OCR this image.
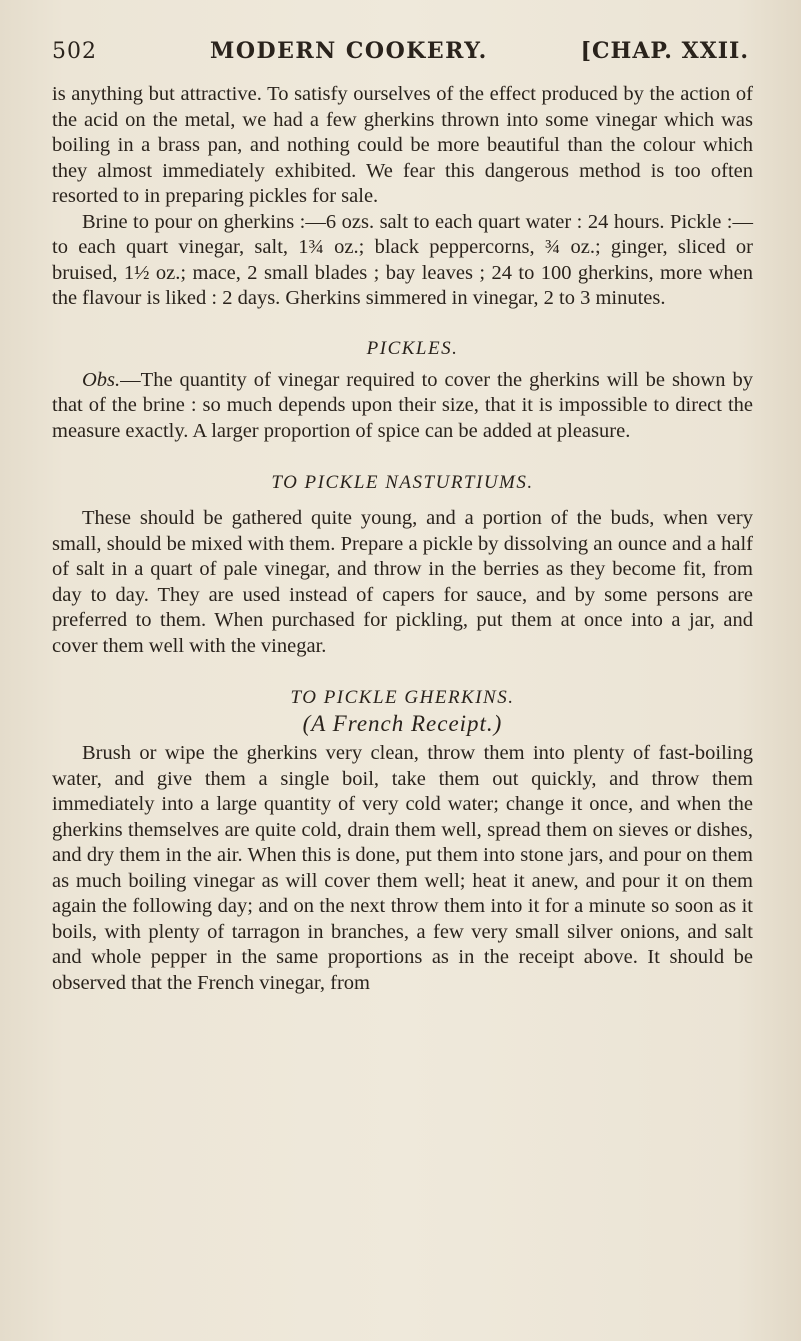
502	MODERN COOKERY.	[CHAP. XXII.

is anything but attractive. To satisfy ourselves of the effect produced by the action of the acid on the metal, we had a few gherkins thrown into some vinegar which was boiling in a brass pan, and nothing could be more beautiful than the colour which they almost immediately exhibited. We fear this dangerous method is too often resorted to in preparing pickles for sale.

Brine to pour on gherkins :—6 ozs. salt to each quart water : 24 hours. Pickle :—to each quart vinegar, salt, 1¾ oz.; black peppercorns, ¾ oz.; ginger, sliced or bruised, 1½ oz.; mace, 2 small blades ; bay leaves ; 24 to 100 gherkins, more when the flavour is liked : 2 days. Gherkins simmered in vinegar, 2 to 3 minutes.

PICKLES.

Obs.—The quantity of vinegar required to cover the gherkins will be shown by that of the brine : so much depends upon their size, that it is impossible to direct the measure exactly. A larger proportion of spice can be added at pleasure.

TO PICKLE NASTURTIUMS.

These should be gathered quite young, and a portion of the buds, when very small, should be mixed with them. Prepare a pickle by dissolving an ounce and a half of salt in a quart of pale vinegar, and throw in the berries as they become fit, from day to day. They are used instead of capers for sauce, and by some persons are preferred to them. When purchased for pickling, put them at once into a jar, and cover them well with the vinegar.

TO PICKLE GHERKINS.
(A French Receipt.)

Brush or wipe the gherkins very clean, throw them into plenty of fast-boiling water, and give them a single boil, take them out quickly, and throw them immediately into a large quantity of very cold water; change it once, and when the gherkins themselves are quite cold, drain them well, spread them on sieves or dishes, and dry them in the air. When this is done, put them into stone jars, and pour on them as much boiling vinegar as will cover them well; heat it anew, and pour it on them again the following day; and on the next throw them into it for a minute so soon as it boils, with plenty of tarragon in branches, a few very small silver onions, and salt and whole pepper in the same proportions as in the receipt above. It should be observed that the French vinegar, from
